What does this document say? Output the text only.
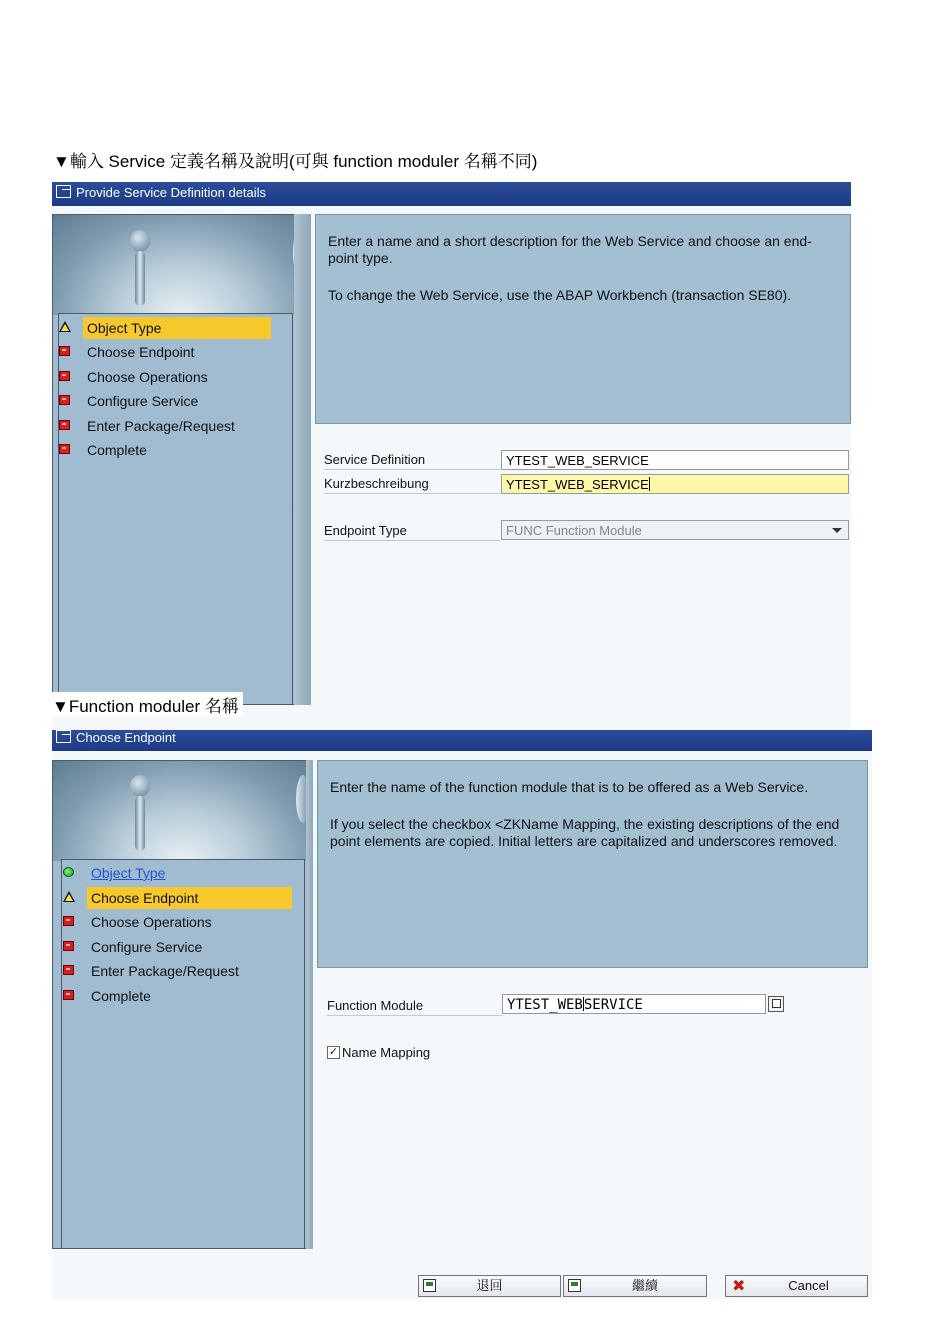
▼輸入 Service 定義名稱及說明(可與 function moduler 名稱不同)
Provide Service Definition details
Object Type
Choose Endpoint
Choose Operations
Configure Service
Enter Package/Request
Complete

Enter a name and a short description for the Web Service and choose an end-point type.

To change the Web Service, use the ABAP Workbench (transaction SE80).

Service Definition	YTEST_WEB_SERVICE
Kurzbeschreibung	YTEST_WEB_SERVICE
Endpoint Type	FUNC Function Module
▼Function moduler 名稱
Choose Endpoint
Object Type
Choose Endpoint
Choose Operations
Configure Service
Enter Package/Request
Complete

Enter the name of the function module that is to be offered as a Web Service.

If you select the checkbox <ZKName Mapping, the existing descriptions of the end point elements are copied. Initial letters are capitalized and underscores removed.

Function Module	YTEST_WEBSERVICE
✓ Name Mapping
退回	繼續	✖	Cancel
